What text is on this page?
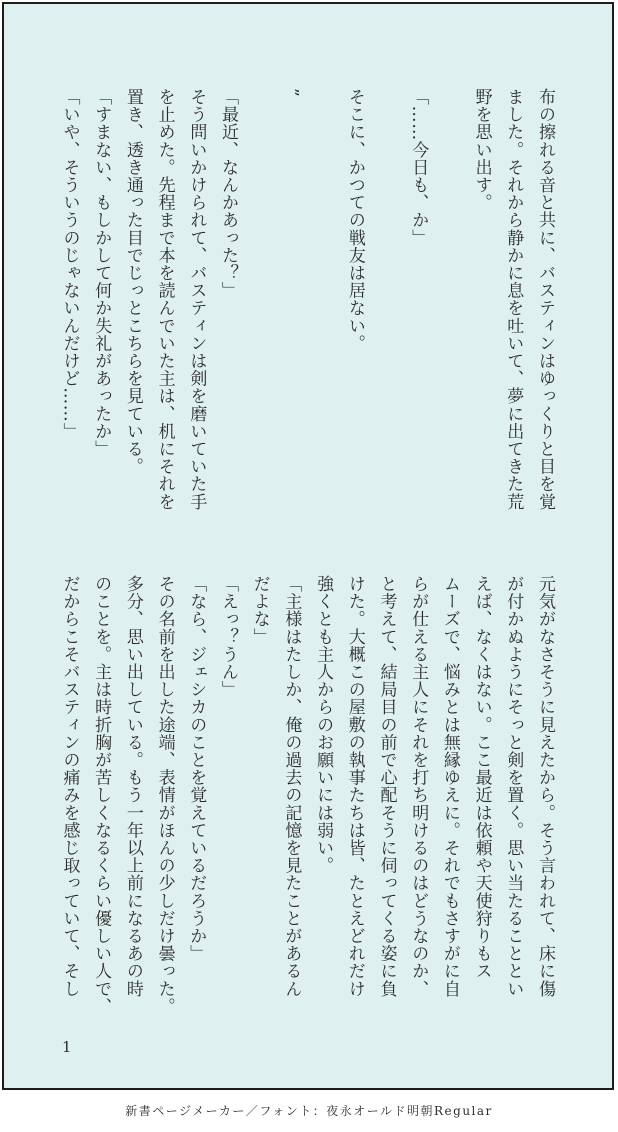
布の擦れる音と共に、バスティンはゆっくりと目を覚
ました。それから静かに息を吐いて、夢に出てきた荒
野を思い出す。
「……今日も、か」
そこに、かつての戦友は居ない。
”
「最近、なんかあった？」
そう問いかけられて、バスティンは剣を磨いていた手
を止めた。先程まで本を読んでいた主は、机にそれを
置き、透き通った目でじっとこちらを見ている。
「すまない、もしかして何か失礼があったか」
「いや、そういうのじゃないんだけど……」
元気がなさそうに見えたから。そう言われて、床に傷
が付かぬようにそっと剣を置く。思い当たることとい
えば、なくはない。ここ最近は依頼や天使狩りもス
ムーズで、悩みとは無縁ゆえに。それでもさすがに自
らが仕える主人にそれを打ち明けるのはどうなのか、
と考えて、結局目の前で心配そうに伺ってくる姿に負
けた。大概この屋敷の執事たちは皆、たとえどれだけ
強くとも主人からのお願いには弱い。
「主様はたしか、俺の過去の記憶を見たことがあるん
だよな」
「えっ？うん」
「なら、ジェシカのことを覚えているだろうか」
その名前を出した途端、表情がほんの少しだけ曇った。
多分、思い出している。もう一年以上前になるあの時
のことを。主は時折胸が苦しくなるくらい優しい人で、
だからこそバスティンの痛みを感じ取っていて、そし
1
新書ページメーカー／フォント：夜永オールド明朝Regular
